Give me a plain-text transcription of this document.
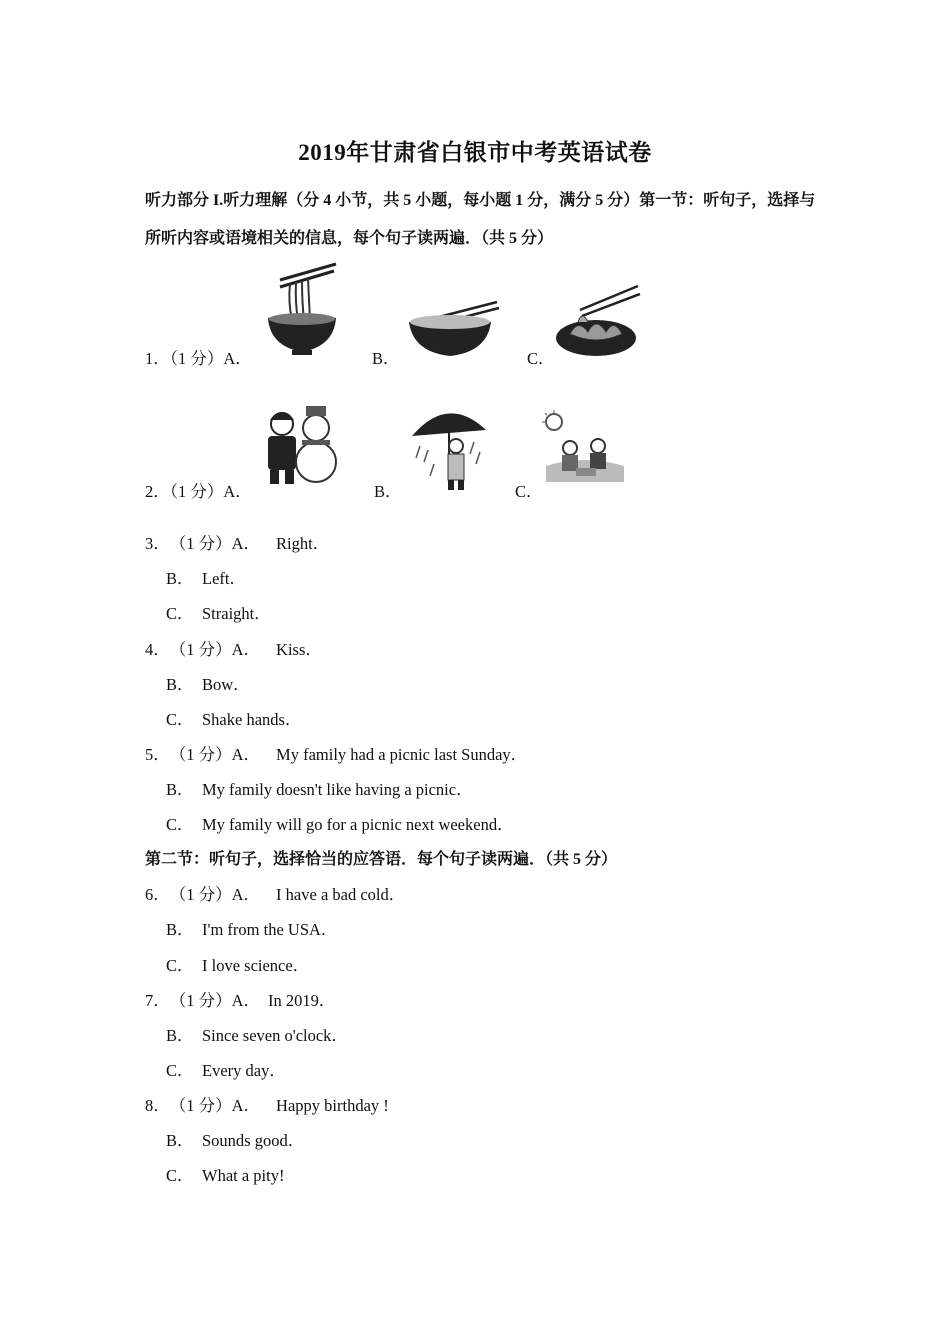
2019年甘肃省白银市中考英语试卷
听力部分 I.听力理解（分 4 小节，共 5 小题，每小题 1 分，满分 5 分）第一节：听句子，选择与所听内容或语境相关的信息，每个句子读两遍．（共 5 分）
1．（1 分）A．	B．	C．
2．（1 分）A．	B．	C．
3．（1 分）A． Right．
B． Left．
C． Straight．
4．（1 分）A． Kiss．
B． Bow．
C． Shake hands．
5．（1 分）A． My family had a picnic last Sunday．
B． My family doesn't like having a picnic．
C． My family will go for a picnic next weekend．
第二节：听句子，选择恰当的应答语．每个句子读两遍．（共 5 分）
6．（1 分）A． I have a bad cold．
B． I'm from the USA．
C． I love science．
7．（1 分）A． In 2019．
B． Since seven o'clock．
C． Every day．
8．（1 分）A． Happy birthday !
B． Sounds good．
C． What a pity!
